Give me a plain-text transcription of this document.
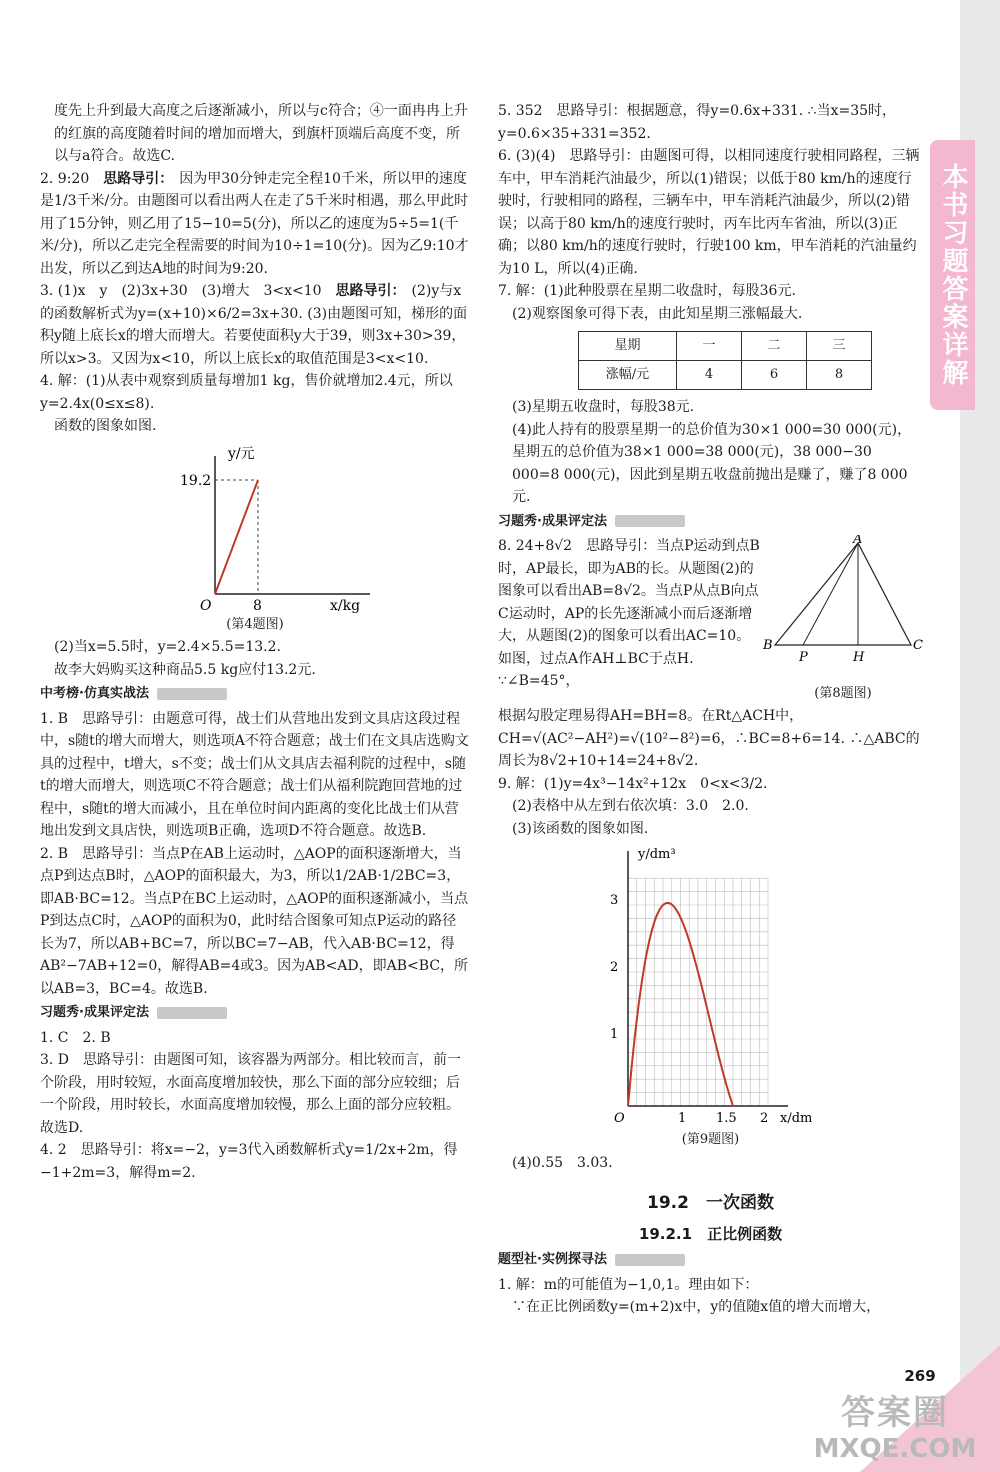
本书习题答案详解

度先上升到最大高度之后逐渐减小，所以与c符合；④一面冉冉上升的红旗的高度随着时间的增加而增大，到旗杆顶端后高度不变，所以与a符合。故选C.

2. 9:20　 思路导引： 因为甲30分钟走完全程10千米，所以甲的速度是1/3千米/分。由题图可以看出两人在走了5千米时相遇，那么甲此时用了15分钟，则乙用了15−10=5(分)，所以乙的速度为5÷5=1(千米/分)，所以乙走完全程需要的时间为10÷1=10(分)。因为乙9:10才出发，所以乙到达A地的时间为9:20.

3. (1)x　y　(2)3x+30　(3)增大　3<x<10　 思路导引： (2)y与x的函数解析式为y=(x+10)×6/2=3x+30. (3)由题图可知，梯形的面积y随上底长x的增大而增大。若要使面积y大于39，则3x+30>39，所以x>3。又因为x<10，所以上底长x的取值范围是3<x<10.

4. 解：(1)从表中观察到质量每增加1 kg，售价就增加2.4元，所以y=2.4x(0≤x≤8).

函数的图象如图.

y/元
19.2
8
O	x/kg
(第4题图)

(2)当x=5.5时，y=2.4×5.5=13.2.

故李大妈购买这种商品5.5 kg应付13.2元.

中考榜·仿真实战法

1. B　思路导引：由题意可得，战士们从营地出发到文具店这段过程中，s随t的增大而增大，则选项A不符合题意；战士们在文具店选购文具的过程中，t增大，s不变；战士们从文具店去福利院的过程中，s随t的增大而增大，则选项C不符合题意；战士们从福利院跑回营地的过程中，s随t的增大而减小，且在单位时间内距离的变化比战士们从营地出发到文具店快，则选项B正确，选项D不符合题意。故选B.

2. B　思路导引：当点P在AB上运动时，△AOP的面积逐渐增大，当点P到达点B时，△AOP的面积最大，为3，所以1/2AB·1/2BC=3，即AB·BC=12。当点P在BC上运动时，△AOP的面积逐渐减小，当点P到达点C时，△AOP的面积为0，此时结合图象可知点P运动的路径长为7，所以AB+BC=7，所以BC=7−AB，代入AB·BC=12，得AB²−7AB+12=0，解得AB=4或3。因为AB<AD，即AB<BC，所以AB=3，BC=4。故选B.

习题秀·成果评定法

1. C　2. B

3. D　思路导引：由题图可知，该容器为两部分。相比较而言，前一个阶段，用时较短，水面高度增加较快，那么下面的部分应较细；后一个阶段，用时较长，水面高度增加较慢，那么上面的部分应较粗。故选D.

4. 2　思路导引：将x=−2，y=3代入函数解析式y=1/2x+2m，得−1+2m=3，解得m=2.

5. 352　思路导引：根据题意，得y=0.6x+331. ∴当x=35时，y=0.6×35+331=352.

6. (3)(4)　思路导引：由题图可得，以相同速度行驶相同路程，三辆车中，甲车消耗汽油最少，所以(1)错误；以低于80 km/h的速度行驶时，行驶相同的路程，三辆车中，甲车消耗汽油最少，所以(2)错误；以高于80 km/h的速度行驶时，丙车比丙车省油，所以(3)正确；以80 km/h的速度行驶时，行驶100 km，甲车消耗的汽油量约为10 L，所以(4)正确.

7. 解：(1)此种股票在星期二收盘时，每股36元.

(2)观察图象可得下表，由此知星期三涨幅最大.

星期	一	二	三
涨幅/元	4	6	8

(3)星期五收盘时，每股38元.

(4)此人持有的股票星期一的总价值为30×1 000=30 000(元)，星期五的总价值为38×1 000=38 000(元)，38 000−30 000=8 000(元)，因此到星期五收盘前抛出是赚了，赚了8 000元.

习题秀·成果评定法

8. 24+8√2　思路导引：当点P运动到点B时，AP最长，即为AB的长。从题图(2)的图象可以看出AB=8√2。当点P从点B向点C运动时，AP的长先逐渐减小而后逐渐增大，从题图(2)的图象可以看出AC=10。如图，过点A作AH⊥BC于点H. ∵∠B=45°，

A
B
P	H
C
(第8题图)

根据勾股定理易得AH=BH=8。在Rt△ACH中，CH=√(AC²−AH²)=√(10²−8²)=6，∴BC=8+6=14. ∴△ABC的周长为8√2+10+14=24+8√2.

9. 解：(1)y=4x³−14x²+12x　0<x<3/2.

(2)表格中从左到右依次填：3.0　2.0.

(3)该函数的图象如图.

y/dm³
1
2
3
O	1 1.5 2 x/dm
(第9题图)

(4)0.55　3.03.

19.2　一次函数
19.2.1　正比例函数
题型社·实例探寻法

1. 解：m的可能值为−1,0,1。理由如下：

∵在正比例函数y=(m+2)x中，y的值随x值的增大而增大，

269
答案圈
MXQE.COM
